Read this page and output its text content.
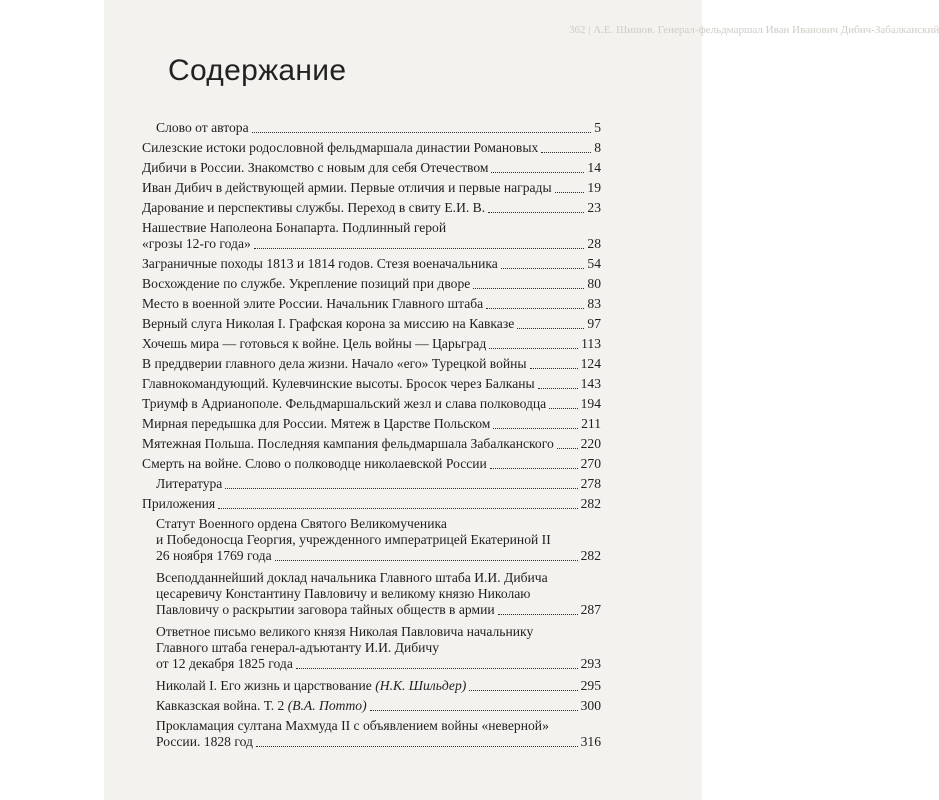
362 | А.Е. Шишов. Генерал-фельдмаршал Иван Иванович Дибич-Забалканский
Содержание
Слово от автора	5
Силезские истоки родословной фельдмаршала династии Романовых	8
Дибичи в России. Знакомство с новым для себя Отечеством	14
Иван Дибич в действующей армии. Первые отличия и первые награды	19
Дарование и перспективы службы. Переход в свиту Е.И. В.	23
Нашествие Наполеона Бонапарта. Подлинный герой
«грозы 12-го года»	28
Заграничные походы 1813 и 1814 годов. Стезя военачальника	54
Восхождение по службе. Укрепление позиций при дворе	80
Место в военной элите России. Начальник Главного штаба	83
Верный слуга Николая I. Графская корона за миссию на Кавказе	97
Хочешь мира — готовься к войне. Цель войны — Царьград	113
В преддверии главного дела жизни. Начало «его» Турецкой войны	124
Главнокомандующий. Кулевчинские высоты. Бросок через Балканы	143
Триумф в Адрианополе. Фельдмаршальский жезл и слава полководца	194
Мирная передышка для России. Мятеж в Царстве Польском	211
Мятежная Польша. Последняя кампания фельдмаршала Забалканского 220
Смерть на войне. Слово о полководце николаевской России	270
Литература	278
Приложения	282
Статут Военного ордена Святого Великомученика
и Победоносца Георгия, учрежденного императрицей Екатериной II
26 ноября 1769 года	282
Всеподданнейший доклад начальника Главного штаба И.И. Дибича
цесаревичу Константину Павловичу и великому князю Николаю
Павловичу о раскрытии заговора тайных обществ в армии	287
Ответное письмо великого князя Николая Павловича начальнику
Главного штаба генерал-адъютанту И.И. Дибичу
от 12 декабря 1825 года	293
Николай I. Его жизнь и царствование (Н.К. Шильдер)	295
Кавказская война. Т. 2 (В.А. Потто)	300
Прокламация султана Махмуда II с объявлением войны «неверной»
России. 1828 год	316
